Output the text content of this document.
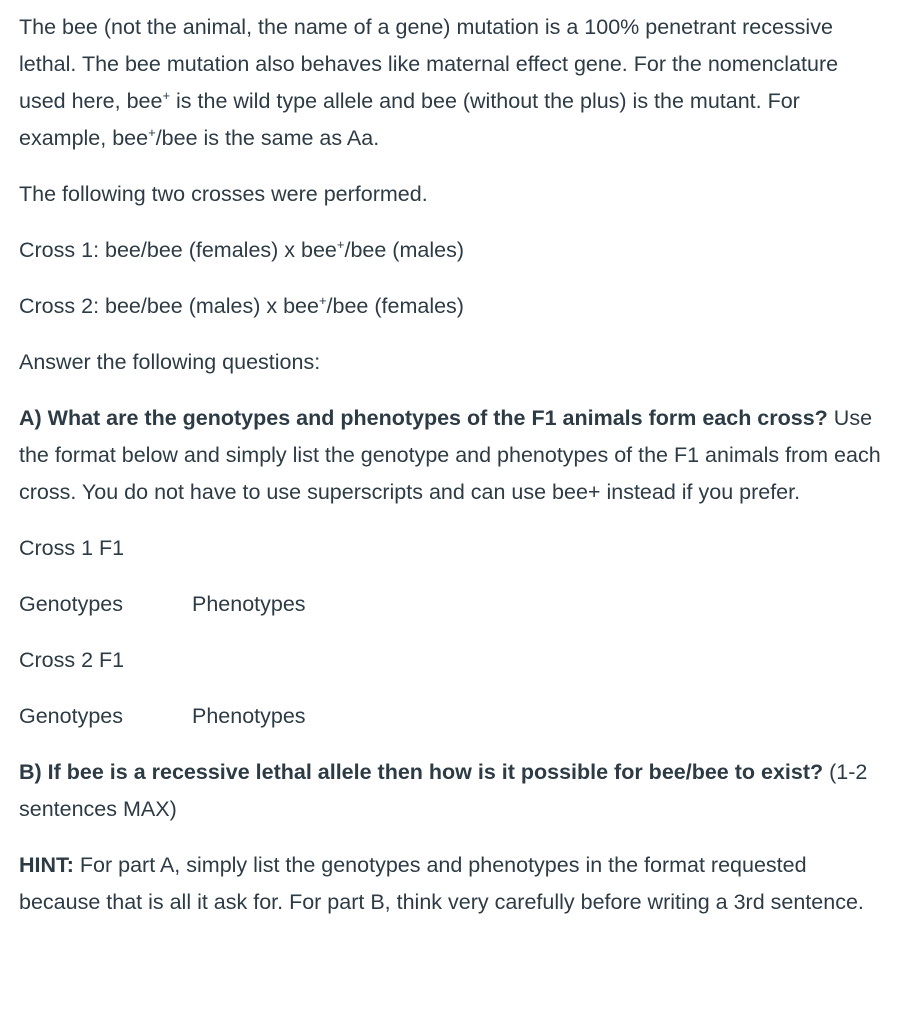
The bee (not the animal, the name of a gene) mutation is a 100% penetrant recessive lethal. The bee mutation also behaves like maternal effect gene. For the nomenclature used here, bee+ is the wild type allele and bee (without the plus) is the mutant. For example, bee+/bee is the same as Aa.

The following two crosses were performed.

Cross 1: bee/bee (females) x bee+/bee (males)

Cross 2: bee/bee (males) x bee+/bee (females)

Answer the following questions:

A) What are the genotypes and phenotypes of the F1 animals form each cross? Use the format below and simply list the genotype and phenotypes of the F1 animals from each cross. You do not have to use superscripts and can use bee+ instead if you prefer.

Cross 1 F1

Genotypes	Phenotypes

Cross 2 F1

Genotypes	Phenotypes

B) If bee is a recessive lethal allele then how is it possible for bee/bee to exist? (1-2 sentences MAX)

HINT: For part A, simply list the genotypes and phenotypes in the format requested because that is all it ask for. For part B, think very carefully before writing a 3rd sentence.
